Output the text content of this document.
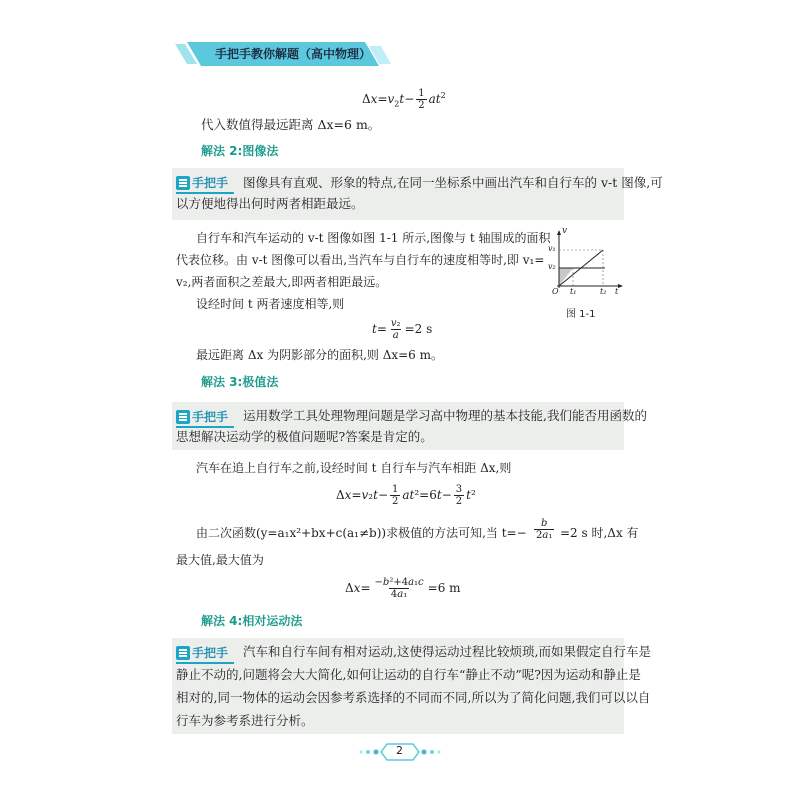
手把手教你解题（高中物理）
$\Delta x=v_2t- \frac{1}{2} at^2$
代入数值得最远距离 Δx=6 m。
解法 2:图像法
手把手 图像具有直观、形象的特点,在同一坐标系中画出汽车和自行车的 v-t 图像,可
以方便地得出何时两者相距最远。
自行车和汽车运动的 v-t 图像如图 1-1 所示,图像与 t 轴围成的面积
代表位移。由 v-t 图像可以看出,当汽车与自行车的速度相等时,即 v₁=
v₂,两者面积之差最大,即两者相距最远。
设经时间 t 两者速度相等,则
$t= \frac{\text{v₂}}{a} =2$ s
最远距离 Δx 为阴影部分的面积,则 Δx=6 m。
v
v₁
v₂
O t₁	t₂ t
图 1-1
解法 3:极值法
手把手 运用数学工具处理物理问题是学习高中物理的基本技能,我们能否用函数的
思想解决运动学的极值问题呢?答案是肯定的。
汽车在追上自行车之前,设经时间 t 自行车与汽车相距 Δx,则
$\Delta x=v_2t- \frac{1}{2} at^2=6t- \frac{3}{2} t^2$
由二次函数(y=a₁x²+bx+c(a₁≠b))求极值的方法可知,当 $t=- \frac{b}{\text{2a₁}} =2$ s 时,Δx 有
最大值,最大值为
$\Delta x= \frac{\text{−b²+4a₁c}}{\text{4a₁}} =6$ m
解法 4:相对运动法
手把手 汽车和自行车间有相对运动,这使得运动过程比较烦琐,而如果假定自行车是
静止不动的,问题将会大大简化,如何让运动的自行车“静止不动”呢?因为运动和静止是
相对的,同一物体的运动会因参考系选择的不同而不同,所以为了简化问题,我们可以以自
行车为参考系进行分析。
2
